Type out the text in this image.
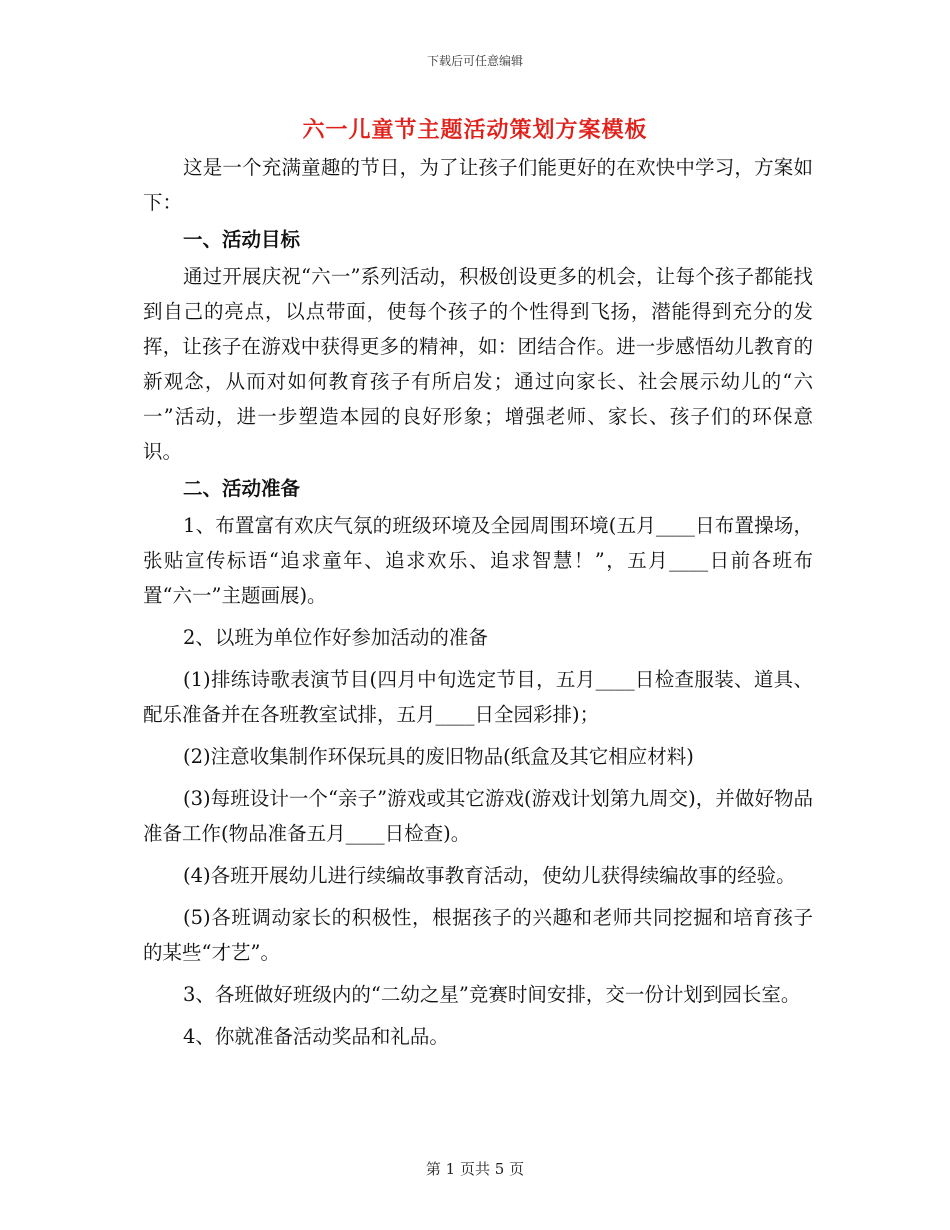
下载后可任意编辑
六一儿童节主题活动策划方案模板

这是一个充满童趣的节日，为了让孩子们能更好的在欢快中学习，方案如下：

一、活动目标

通过开展庆祝“六一”系列活动，积极创设更多的机会，让每个孩子都能找到自己的亮点，以点带面，使每个孩子的个性得到飞扬，潜能得到充分的发挥，让孩子在游戏中获得更多的精神，如：团结合作。进一步感悟幼儿教育的新观念，从而对如何教育孩子有所启发；通过向家长、社会展示幼儿的“六一”活动，进一步塑造本园的良好形象；增强老师、家长、孩子们的环保意识。

二、活动准备

1、布置富有欢庆气氛的班级环境及全园周围环境(五月____日布置操场，张贴宣传标语“追求童年、追求欢乐、追求智慧！”，五月____日前各班布置“六一”主题画展)。

2、以班为单位作好参加活动的准备

(1)排练诗歌表演节目(四月中旬选定节目，五月____日检查服装、道具、配乐准备并在各班教室试排，五月____日全园彩排)；

(2)注意收集制作环保玩具的废旧物品(纸盒及其它相应材料)

(3)每班设计一个“亲子”游戏或其它游戏(游戏计划第九周交)，并做好物品准备工作(物品准备五月____日检查)。

(4)各班开展幼儿进行续编故事教育活动，使幼儿获得续编故事的经验。

(5)各班调动家长的积极性，根据孩子的兴趣和老师共同挖掘和培育孩子的某些“才艺”。

3、各班做好班级内的“二幼之星”竞赛时间安排，交一份计划到园长室。

4、你就准备活动奖品和礼品。

第 1 页共 5 页
